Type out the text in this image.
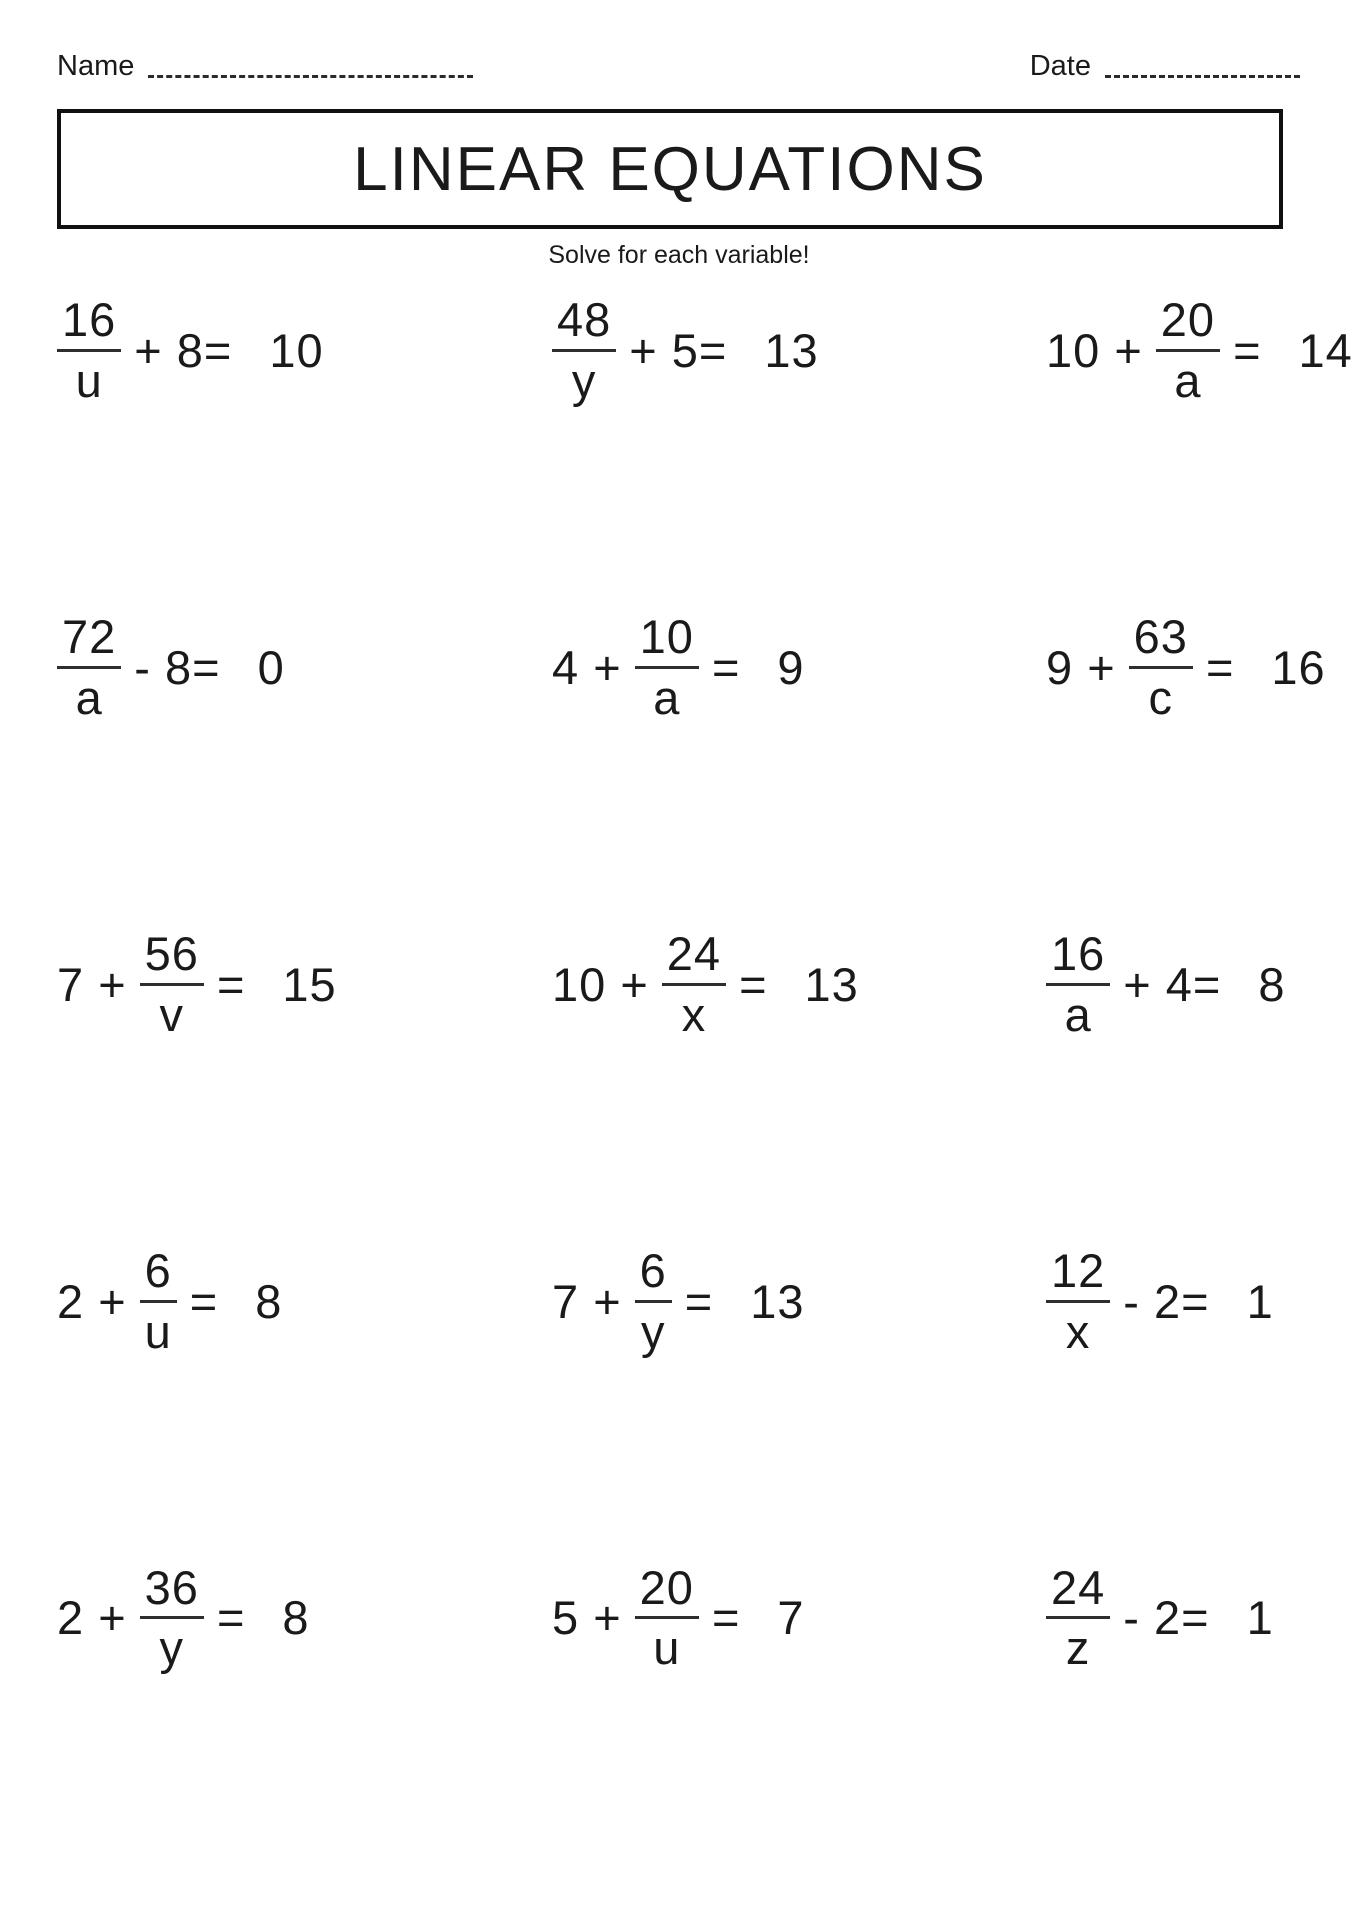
Name	Date
LINEAR EQUATIONS
Solve for each variable!
$\frac{16}{u} + 8= 10$	$\frac{48}{y} + 5= 13$	$10 + \frac{20}{a} = 14$
$\frac{72}{a} - 8= 0$	$4 + \frac{10}{a} = 9$	$9 + \frac{63}{c} = 16$
$7 + \frac{56}{v} = 15$	$10 + \frac{24}{x} = 13$	$\frac{16}{a} + 4= 8$
$2 + \frac{6}{u} = 8$	$7 + \frac{6}{y} = 13$	$\frac{12}{x} - 2= 1$
$2 + \frac{36}{y} = 8$	$5 + \frac{20}{u} = 7$	$\frac{24}{z} - 2= 1$
